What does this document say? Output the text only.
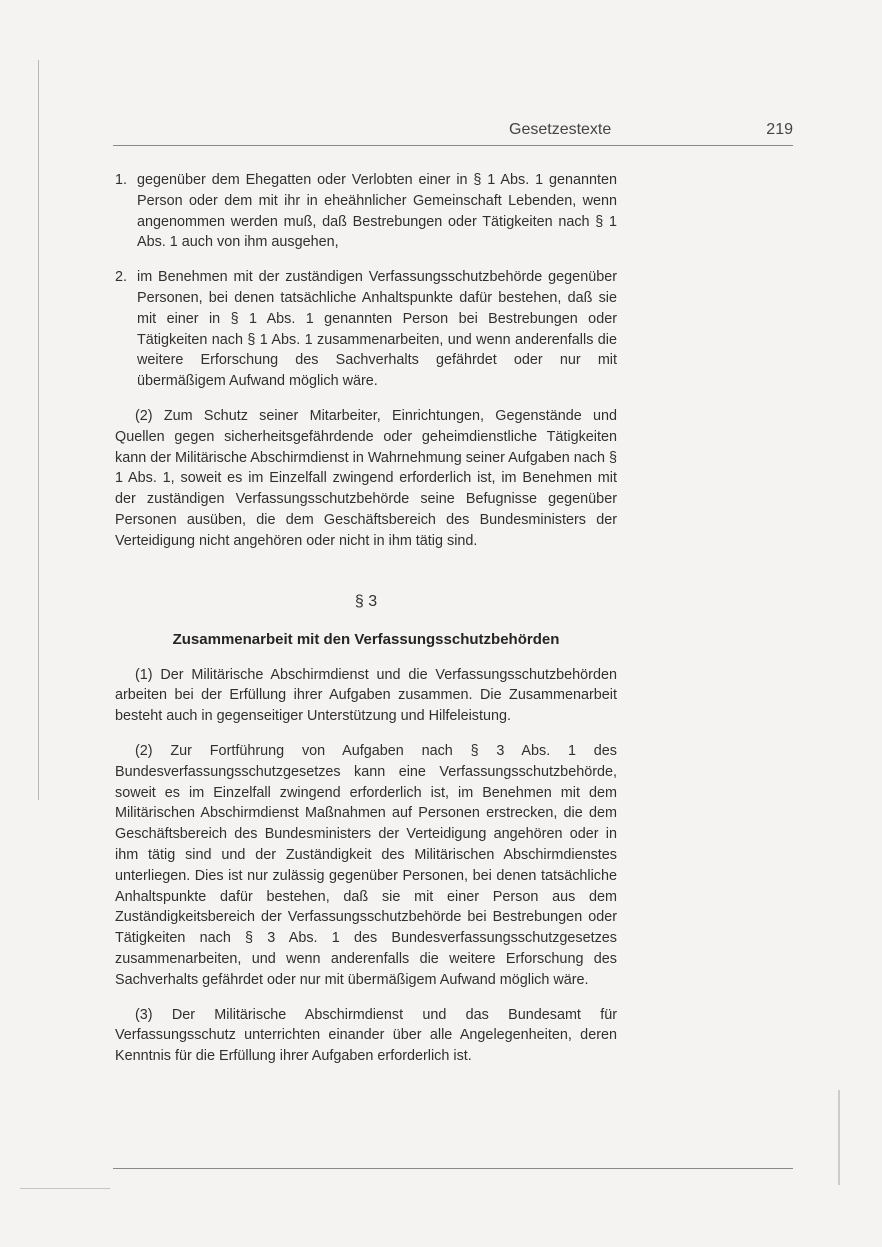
Gesetzestexte	219
1. gegenüber dem Ehegatten oder Verlobten einer in § 1 Abs. 1 genannten Person oder dem mit ihr in eheähnlicher Gemeinschaft Lebenden, wenn angenommen werden muß, daß Bestrebungen oder Tätigkeiten nach § 1 Abs. 1 auch von ihm ausgehen,
2. im Benehmen mit der zuständigen Verfassungsschutzbehörde gegenüber Personen, bei denen tatsächliche Anhaltspunkte dafür bestehen, daß sie mit einer in § 1 Abs. 1 genannten Person bei Bestrebungen oder Tätigkeiten nach § 1 Abs. 1 zusammenarbeiten, und wenn anderenfalls die weitere Erforschung des Sachverhalts gefährdet oder nur mit übermäßigem Aufwand möglich wäre.

(2) Zum Schutz seiner Mitarbeiter, Einrichtungen, Gegenstände und Quellen gegen sicherheitsgefährdende oder geheimdienstliche Tätigkeiten kann der Militärische Abschirmdienst in Wahrnehmung seiner Aufgaben nach § 1 Abs. 1, soweit es im Einzelfall zwingend erforderlich ist, im Benehmen mit der zuständigen Verfassungsschutzbehörde seine Befugnisse gegenüber Personen ausüben, die dem Geschäftsbereich des Bundesministers der Verteidigung nicht angehören oder nicht in ihm tätig sind.

§ 3
Zusammenarbeit mit den Verfassungsschutzbehörden

(1) Der Militärische Abschirmdienst und die Verfassungsschutzbehörden arbeiten bei der Erfüllung ihrer Aufgaben zusammen. Die Zusammenarbeit besteht auch in gegenseitiger Unterstützung und Hilfeleistung.

(2) Zur Fortführung von Aufgaben nach § 3 Abs. 1 des Bundesverfassungsschutzgesetzes kann eine Verfassungsschutzbehörde, soweit es im Einzelfall zwingend erforderlich ist, im Benehmen mit dem Militärischen Abschirmdienst Maßnahmen auf Personen erstrecken, die dem Geschäftsbereich des Bundesministers der Verteidigung angehören oder in ihm tätig sind und der Zuständigkeit des Militärischen Abschirmdienstes unterliegen. Dies ist nur zulässig gegenüber Personen, bei denen tatsächliche Anhaltspunkte dafür bestehen, daß sie mit einer Person aus dem Zuständigkeitsbereich der Verfassungsschutzbehörde bei Bestrebungen oder Tätigkeiten nach § 3 Abs. 1 des Bundesverfassungsschutzgesetzes zusammenarbeiten, und wenn anderenfalls die weitere Erforschung des Sachverhalts gefährdet oder nur mit übermäßigem Aufwand möglich wäre.

(3) Der Militärische Abschirmdienst und das Bundesamt für Verfassungsschutz unterrichten einander über alle Angelegenheiten, deren Kenntnis für die Erfüllung ihrer Aufgaben erforderlich ist.
